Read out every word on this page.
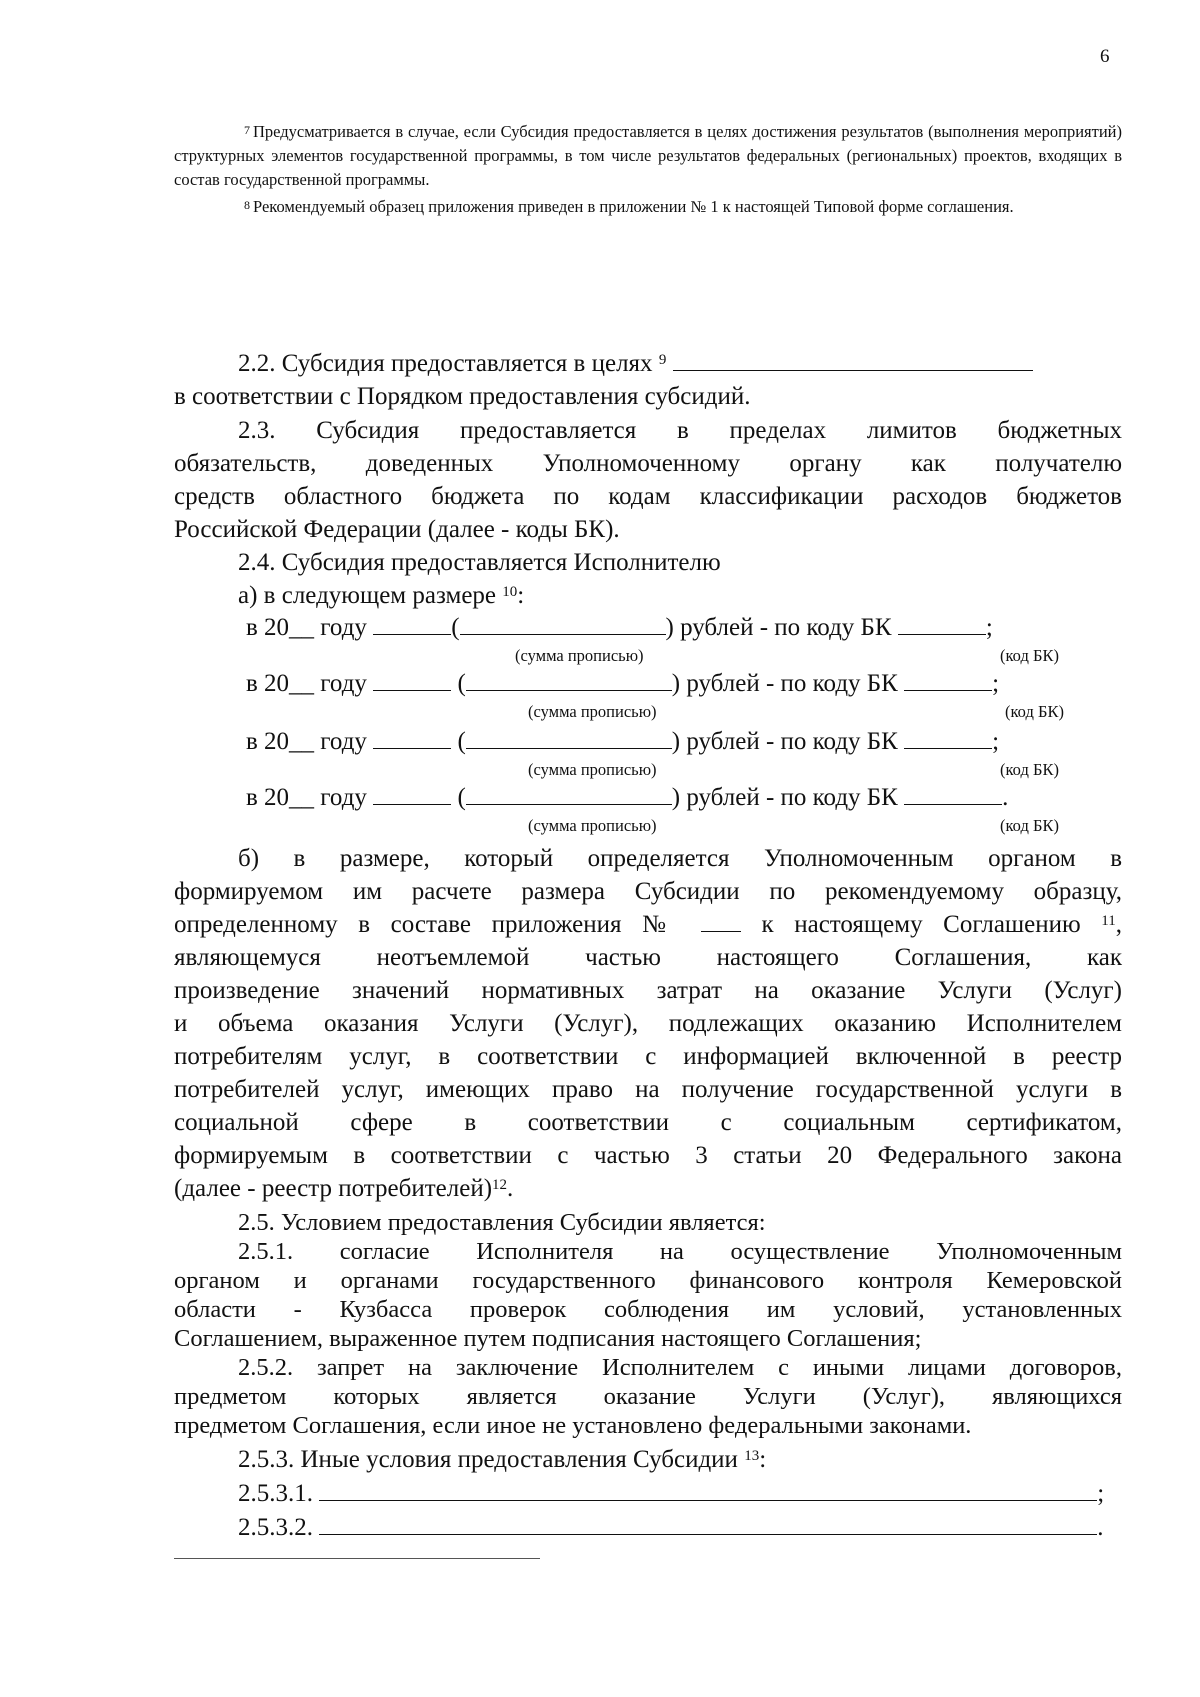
6
$^7$ Предусматривается в случае, если Субсидия предоставляется в целях достижения результатов (выполнения мероприятий) структурных элементов государственной программы, в том числе результатов федеральных (региональных) проектов, входящих в состав государственной программы.
$^8$ Рекомендуемый образец приложения приведен в приложении № 1 к настоящей Типовой форме соглашения.
2.2. Субсидия предоставляется в целях $^9$
в соответствии с Порядком предоставления субсидий.
2.3. Субсидия предоставляется в пределах лимитов бюджетных
обязательств, доведенных Уполномоченному органу как получателю
средств областного бюджета по кодам классификации расходов бюджетов
Российской Федерации (далее - коды БК).
2.4. Субсидия предоставляется Исполнителю
а) в следующем размере $^{10}$:
в 20__ году	(	) рублей - по коду БК	;
(сумма прописью)	(код БК)
в 20__ году	(	) рублей - по коду БК	;
(сумма прописью)	(код БК)
в 20__ году	(	) рублей - по коду БК	;
(сумма прописью)	(код БК)
в 20__ году	(	) рублей - по коду БК	.
(сумма прописью)	(код БК)
б) в размере, который определяется Уполномоченным органом в
формируемом им расчете размера Субсидии по рекомендуемому образцу,
определенному в составе приложения №	к настоящему Соглашению $^{11}$,
являющемуся неотъемлемой частью настоящего Соглашения, как
произведение значений нормативных затрат на оказание Услуги (Услуг)
и объема оказания Услуги (Услуг), подлежащих оказанию Исполнителем
потребителям услуг, в соответствии с информацией включенной в реестр
потребителей услуг, имеющих право на получение государственной услуги в
социальной сфере в соответствии с социальным сертификатом,
формируемым в соответствии с частью 3 статьи 20 Федерального закона
(далее - реестр потребителей)$^{12}$.
2.5. Условием предоставления Субсидии является:
2.5.1. согласие Исполнителя на осуществление Уполномоченным
органом и органами государственного финансового контроля Кемеровской
области - Кузбасса проверок соблюдения им условий, установленных
Соглашением, выраженное путем подписания настоящего Соглашения;
2.5.2. запрет на заключение Исполнителем с иными лицами договоров,
предметом которых является оказание Услуги (Услуг), являющихся
предметом Соглашения, если иное не установлено федеральными законами.
2.5.3. Иные условия предоставления Субсидии $^{13}$:
2.5.3.1.	;
2.5.3.2.	.
